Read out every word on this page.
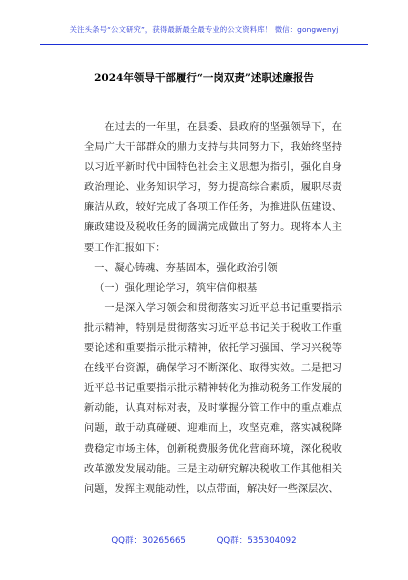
关注头条号“公文研究”，获得最新最全最专业的公文资料库！ 微信：gongwenyj
2024年领导干部履行“一岗双责”述职述廉报告

在过去的一年里，在县委、县政府的坚强领导下，在全局广大干部群众的鼎力支持与共同努力下，我始终坚持以习近平新时代中国特色社会主义思想为指引，强化自身政治理论、业务知识学习，努力提高综合素质，履职尽责廉洁从政，较好完成了各项工作任务，为推进队伍建设、廉政建设及税收任务的圆满完成做出了努力。现将本人主要工作汇报如下：

一、凝心铸魂、夯基固本，强化政治引领

（一）强化理论学习，筑牢信仰根基

一是深入学习领会和贯彻落实习近平总书记重要指示批示精神，特别是贯彻落实习近平总书记关于税收工作重要论述和重要指示批示精神，依托学习强国、学习兴税等在线平台资源，确保学习不断深化、取得实效。二是把习近平总书记重要指示批示精神转化为推动税务工作发展的新动能，认真对标对表，及时掌握分管工作中的重点难点问题，敢于动真碰硬、迎难而上，攻坚克难，落实减税降费稳定市场主体，创新税费服务优化营商环境，深化税收改革激发发展动能。三是主动研究解决税收工作其他相关问题，发挥主观能动性，以点带面，解决好一些深层次、

QQ群：30265665	QQ群：535304092
